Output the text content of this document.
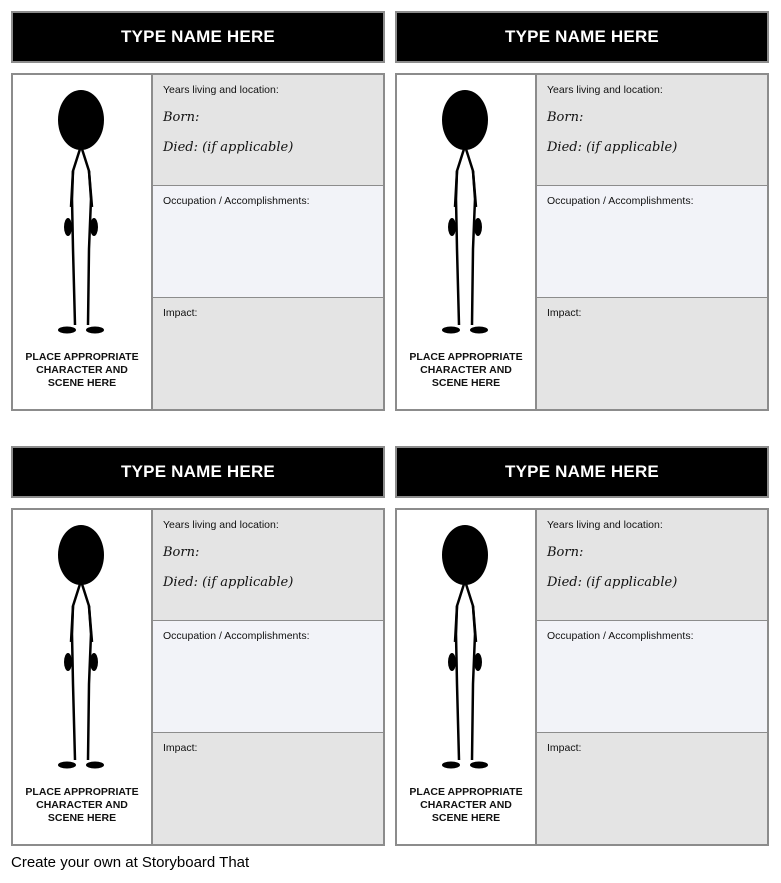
TYPE NAME HERE
PLACE APPROPRIATE
CHARACTER AND
SCENE HERE
Years living and location:
Born:
Died: (if applicable)
Occupation / Accomplishments:
Impact:
TYPE NAME HERE
PLACE APPROPRIATE
CHARACTER AND
SCENE HERE
Years living and location:
Born:
Died: (if applicable)
Occupation / Accomplishments:
Impact:
TYPE NAME HERE
PLACE APPROPRIATE
CHARACTER AND
SCENE HERE
Years living and location:
Born:
Died: (if applicable)
Occupation / Accomplishments:
Impact:
TYPE NAME HERE
PLACE APPROPRIATE
CHARACTER AND
SCENE HERE
Years living and location:
Born:
Died: (if applicable)
Occupation / Accomplishments:
Impact:
Create your own at Storyboard That
